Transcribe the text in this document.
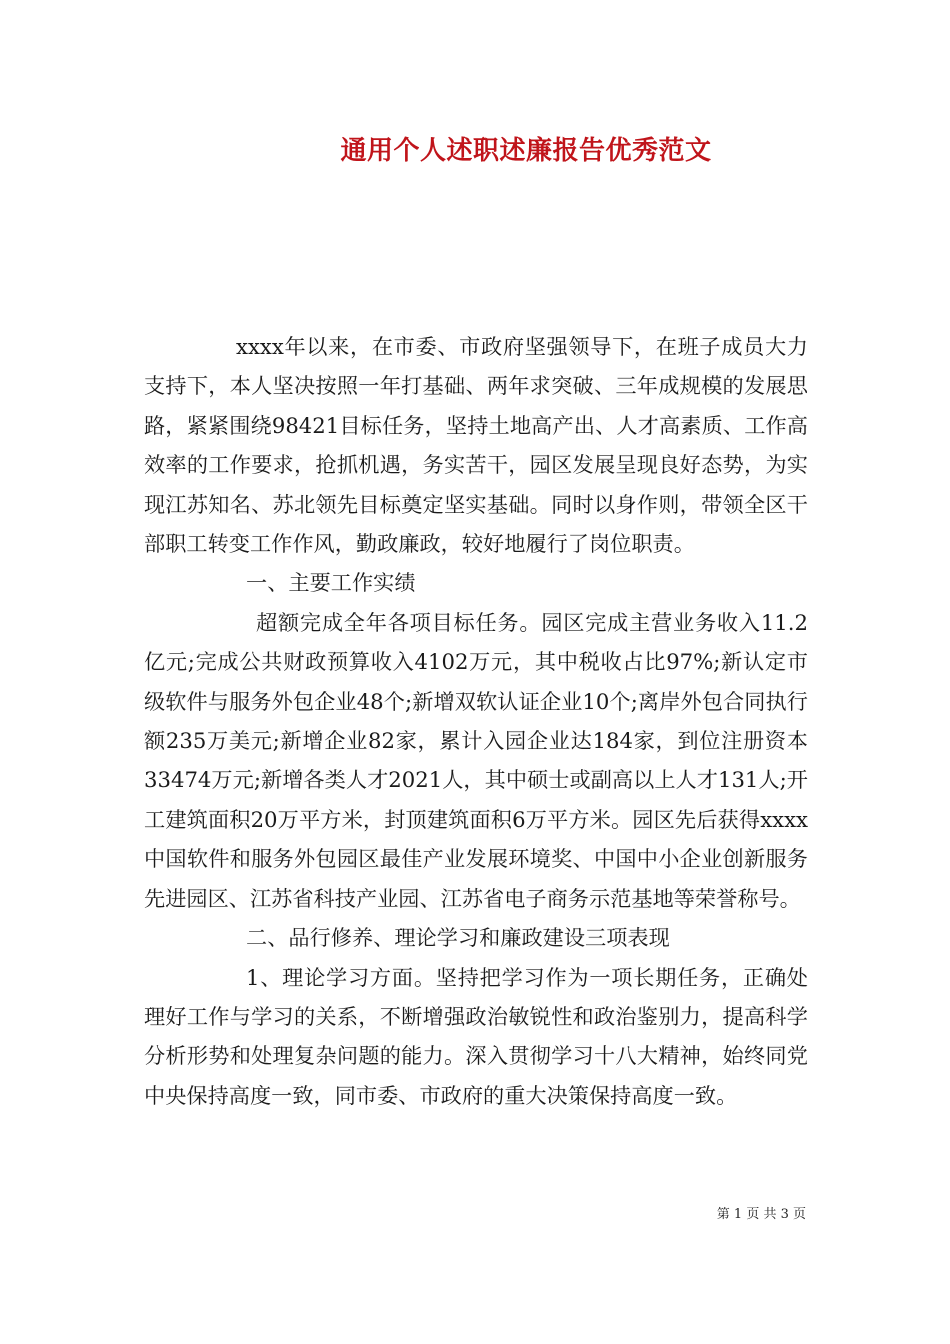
通用个人述职述廉报告优秀范文

xxxx年以来，在市委、市政府坚强领导下，在班子成员大力支持下，本人坚决按照一年打基础、两年求突破、三年成规模的发展思路，紧紧围绕98421目标任务，坚持土地高产出、人才高素质、工作高效率的工作要求，抢抓机遇，务实苦干，园区发展呈现良好态势，为实现江苏知名、苏北领先目标奠定坚实基础。同时以身作则，带领全区干部职工转变工作作风，勤政廉政，较好地履行了岗位职责。

一、主要工作实绩

超额完成全年各项目标任务。园区完成主营业务收入11.2亿元;完成公共财政预算收入4102万元，其中税收占比97%;新认定市级软件与服务外包企业48个;新增双软认证企业10个;离岸外包合同执行额235万美元;新增企业82家，累计入园企业达184家，到位注册资本33474万元;新增各类人才2021人，其中硕士或副高以上人才131人;开工建筑面积20万平方米，封顶建筑面积6万平方米。园区先后获得xxxx中国软件和服务外包园区最佳产业发展环境奖、中国中小企业创新服务先进园区、江苏省科技产业园、江苏省电子商务示范基地等荣誉称号。

二、品行修养、理论学习和廉政建设三项表现

1、理论学习方面。坚持把学习作为一项长期任务，正确处理好工作与学习的关系，不断增强政治敏锐性和政治鉴别力，提高科学分析形势和处理复杂问题的能力。深入贯彻学习十八大精神，始终同党中央保持高度一致，同市委、市政府的重大决策保持高度一致。

第 1 页 共 3 页
